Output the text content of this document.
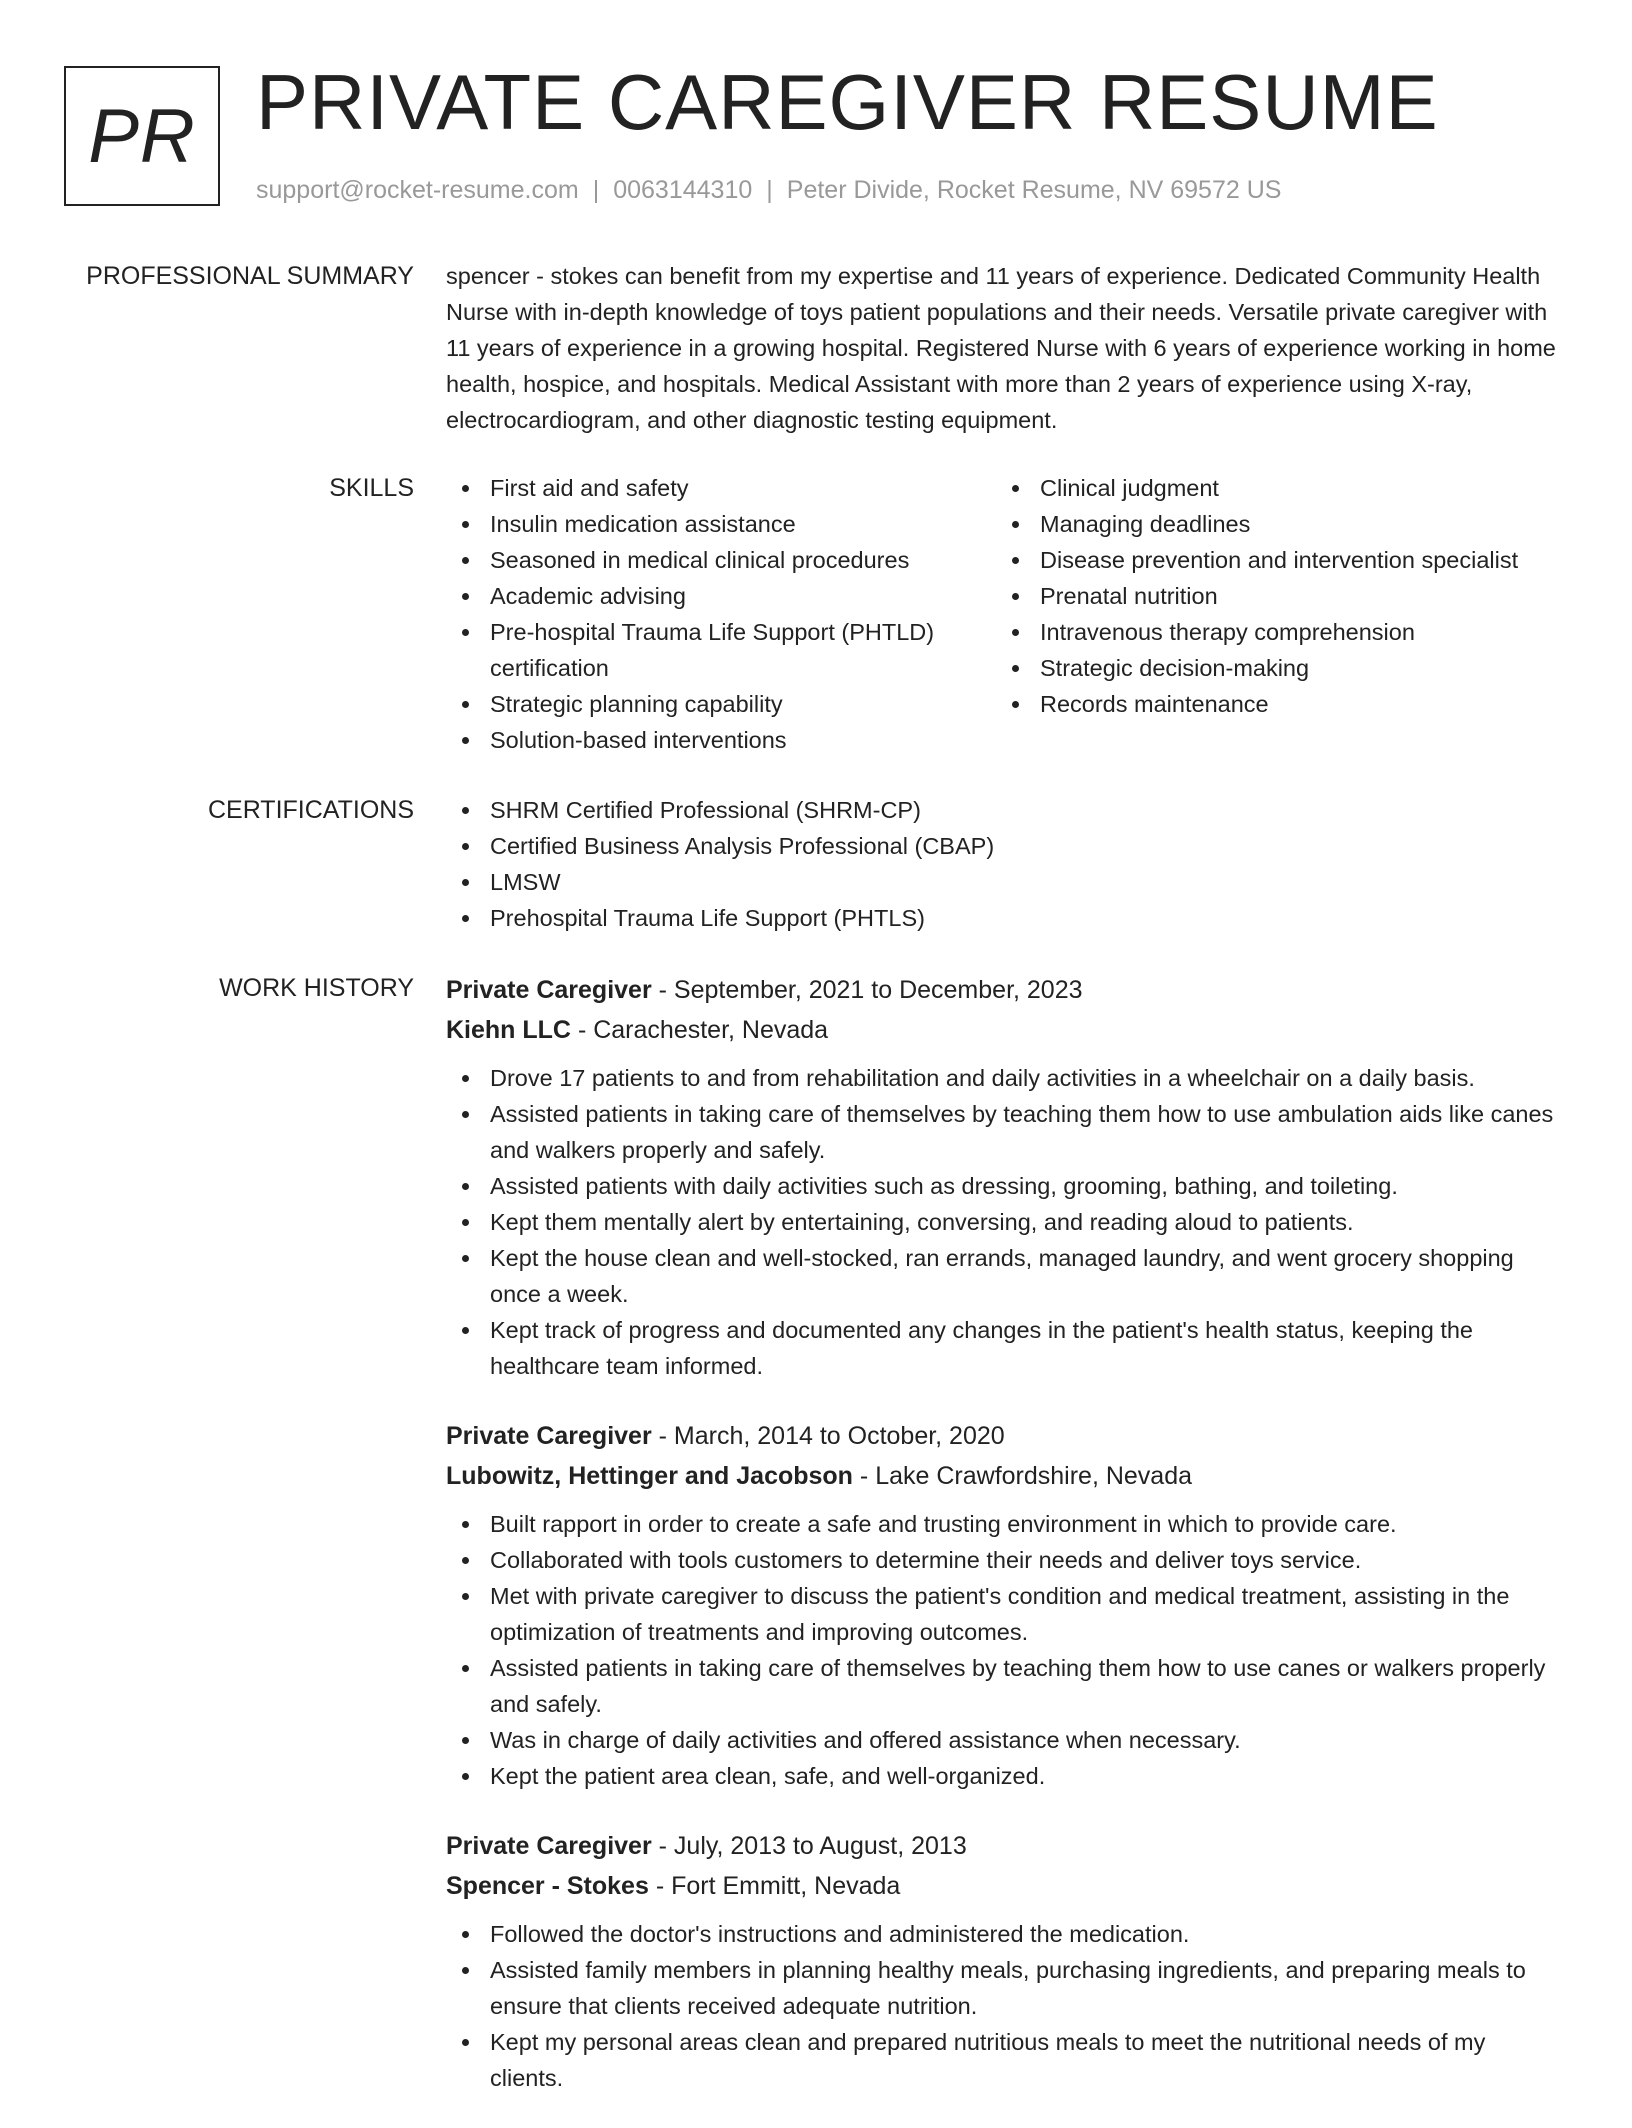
PR PRIVATE CAREGIVER RESUME
support@rocket-resume.com | 0063144310 | Peter Divide, Rocket Resume, NV 69572 US
PROFESSIONAL SUMMARY spencer - stokes can benefit from my expertise and 11 years of experience. Dedicated Community Health Nurse with in-depth knowledge of toys patient populations and their needs. Versatile private caregiver with 11 years of experience in a growing hospital. Registered Nurse with 6 years of experience working in home health, hospice, and hospitals. Medical Assistant with more than 2 years of experience using X-ray, electrocardiogram, and other diagnostic testing equipment.

SKILLS	First aid and safety
Insulin medication assistance
Seasoned in medical clinical procedures
Academic advising
Pre-hospital Trauma Life Support (PHTLD) certification
Strategic planning capability
Solution-based interventions
Clinical judgment
Managing deadlines
Disease prevention and intervention specialist
Prenatal nutrition
Intravenous therapy comprehension
Strategic decision-making
Records maintenance
CERTIFICATIONS	SHRM Certified Professional (SHRM-CP)
Certified Business Analysis Professional (CBAP)
LMSW
Prehospital Trauma Life Support (PHTLS)
WORK HISTORY Private Caregiver - September, 2021 to December, 2023
Kiehn LLC - Carachester, Nevada
Drove 17 patients to and from rehabilitation and daily activities in a wheelchair on a daily basis.
Assisted patients in taking care of themselves by teaching them how to use ambulation aids like canes and walkers properly and safely.
Assisted patients with daily activities such as dressing, grooming, bathing, and toileting.
Kept them mentally alert by entertaining, conversing, and reading aloud to patients.
Kept the house clean and well-stocked, ran errands, managed laundry, and went grocery shopping once a week.
Kept track of progress and documented any changes in the patient's health status, keeping the healthcare team informed.
Private Caregiver - March, 2014 to October, 2020
Lubowitz, Hettinger and Jacobson - Lake Crawfordshire, Nevada
Built rapport in order to create a safe and trusting environment in which to provide care.
Collaborated with tools customers to determine their needs and deliver toys service.
Met with private caregiver to discuss the patient's condition and medical treatment, assisting in the optimization of treatments and improving outcomes.
Assisted patients in taking care of themselves by teaching them how to use canes or walkers properly and safely.
Was in charge of daily activities and offered assistance when necessary.
Kept the patient area clean, safe, and well-organized.
Private Caregiver - July, 2013 to August, 2013
Spencer - Stokes - Fort Emmitt, Nevada
Followed the doctor's instructions and administered the medication.
Assisted family members in planning healthy meals, purchasing ingredients, and preparing meals to ensure that clients received adequate nutrition.
Kept my personal areas clean and prepared nutritious meals to meet the nutritional needs of my clients.
